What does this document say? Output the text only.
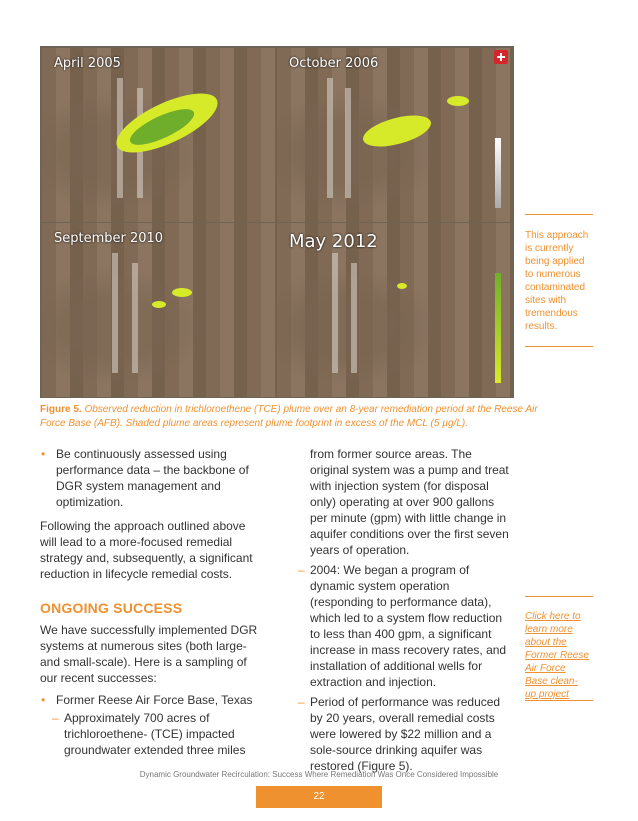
April 2005	October 2006
September 2010	May 2012	This approach is currently being applied to numerous contaminated sites with tremendous results.
Click here to
learn more
about the
Former Reese
Air Force
Base clean-
up project
Figure 5. Observed reduction in trichloroethene (TCE) plume over an 8-year remediation period at the Reese Air Force Base (AFB). Shaded plume areas represent plume footprint in excess of the MCL (5 µg/L).

• Be continuously assessed using performance data – the backbone of DGR system management and optimization.

Following the approach outlined above will lead to a more-focused remedial strategy and, subsequently, a significant reduction in lifecycle remedial costs.

ONGOING SUCCESS

We have successfully implemented DGR systems at numerous sites (both large- and small-scale). Here is a sampling of our recent successes:

• Former Reese Air Force Base, Texas

– Approximately 700 acres of trichloroethene- (TCE) impacted groundwater extended three miles

from former source areas. The original system was a pump and treat with injection system (for disposal only) operating at over 900 gallons per minute (gpm) with little change in aquifer conditions over the first seven years of operation.

– 2004: We began a program of dynamic system operation (responding to performance data), which led to a system flow reduction to less than 400 gpm, a significant increase in mass recovery rates, and installation of additional wells for extraction and injection.

– Period of performance was reduced by 20 years, overall remedial costs were lowered by $22 million and a sole-source drinking aquifer was restored (Figure 5).

Dynamic Groundwater Recirculation: Success Where Remediation Was Once Considered Impossible
22
